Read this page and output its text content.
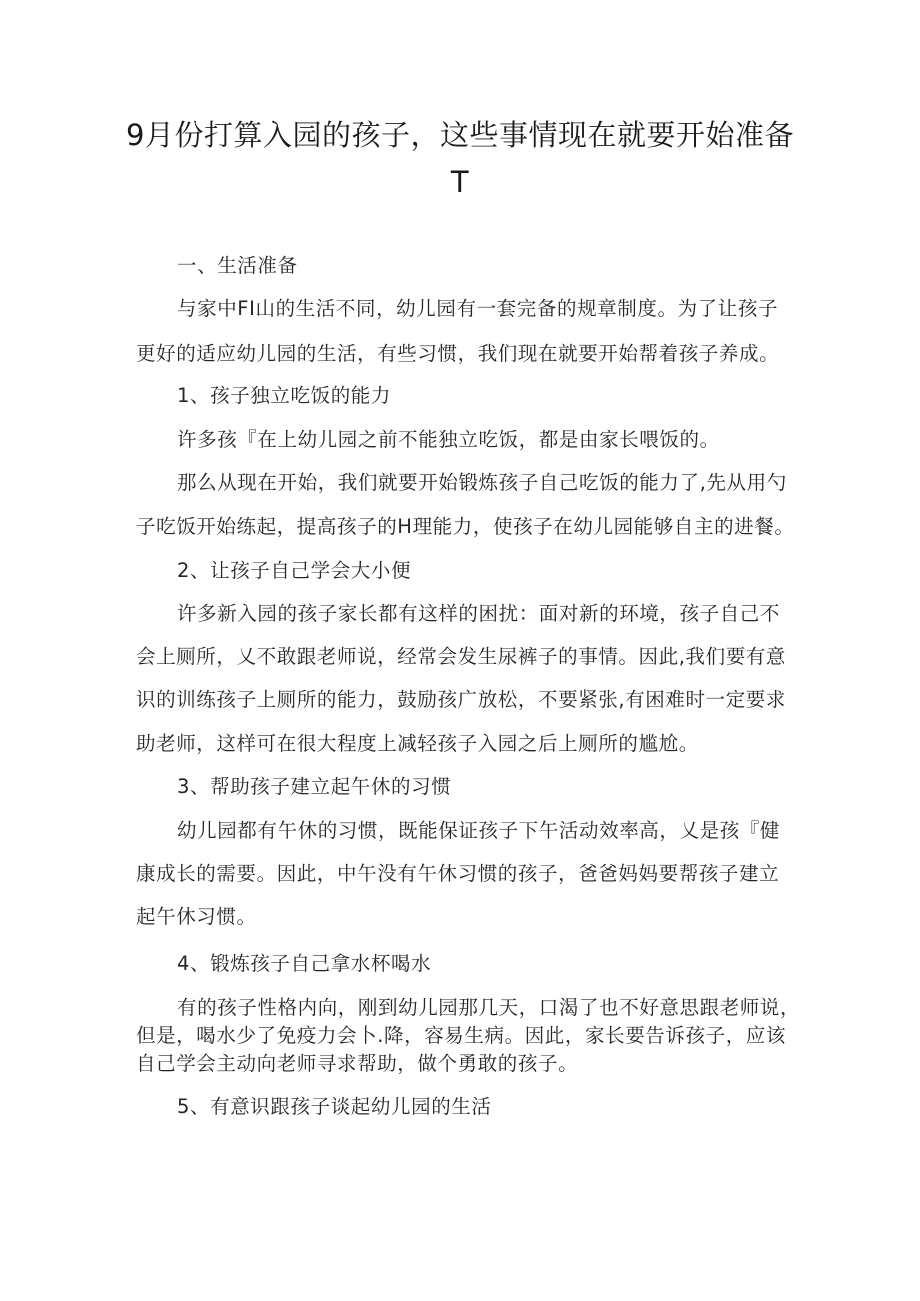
9月份打算入园的孩子，这些事情现在就要开始准备
T
一、生活准备
与家中FI山的生活不同，幼儿园有一套完备的规章制度。为了让孩子
更好的适应幼儿园的生活，有些习惯，我们现在就要开始帮着孩子养成。
1、孩子独立吃饭的能力
许多孩『在上幼儿园之前不能独立吃饭，都是由家长喂饭的。
那么从现在开始，我们就要开始锻炼孩子自己吃饭的能力了,先从用勺
子吃饭开始练起，提高孩子的H理能力，使孩子在幼儿园能够自主的进餐。
2、让孩子自己学会大小便
许多新入园的孩子家长都有这样的困扰：面对新的环境，孩子自己不
会上厕所，乂不敢跟老师说，经常会发生尿裤子的事情。因此,我们要有意
识的训练孩子上厕所的能力，鼓励孩广放松，不要紧张,有困难时一定要求
助老师，这样可在很大程度上减轻孩子入园之后上厕所的尴尬。
3、帮助孩子建立起午休的习惯
幼儿园都有午休的习惯，既能保证孩子下午活动效率高，乂是孩『健
康成长的需要。因此，中午没有午休习惯的孩子，爸爸妈妈要帮孩子建立
起午休习惯。
4、锻炼孩子自己拿水杯喝水
有的孩子性格内向，刚到幼儿园那几天，口渴了也不好意思跟老师说，
但是，喝水少了免疫力会卜.降，容易生病。因此，家长要告诉孩子，应该
自己学会主动向老师寻求帮助，做个勇敢的孩子。
5、有意识跟孩子谈起幼儿园的生活
